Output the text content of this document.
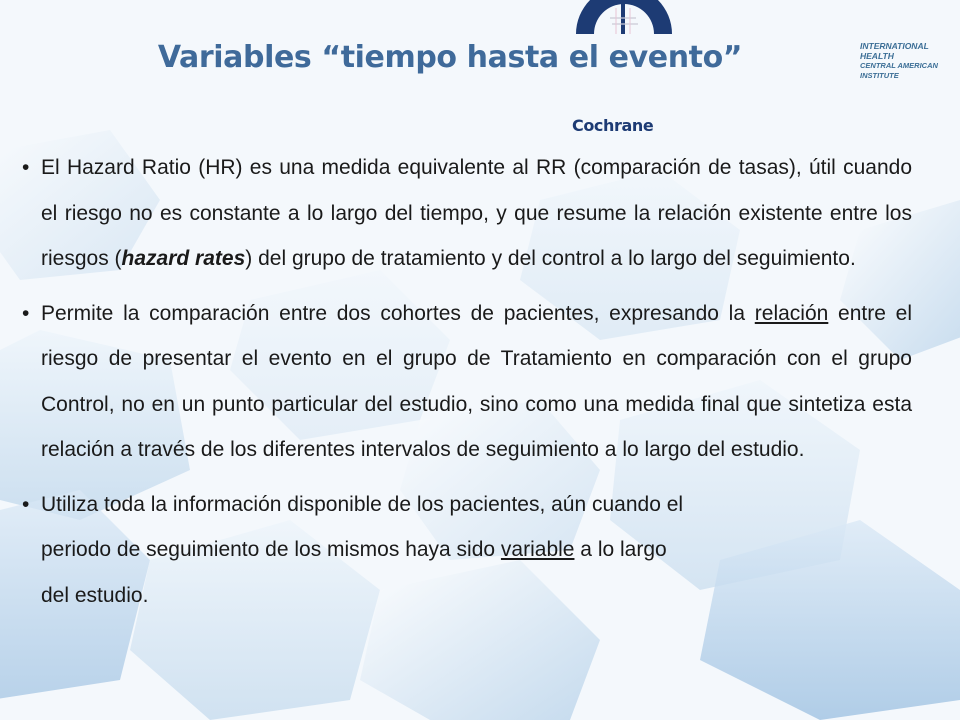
Cochrane
INTERNATIONAL
HEALTH
CENTRAL AMERICAN
INSTITUTE
Variables “tiempo hasta el evento”
• El Hazard Ratio (HR) es una medida equivalente al RR (comparación de tasas), útil cuando el riesgo no es constante a lo largo del tiempo, y que resume la relación existente entre los riesgos (hazard rates) del grupo de tratamiento y del control a lo largo del seguimiento.
• Permite la comparación entre dos cohortes de pacientes, expresando la relación entre el riesgo de presentar el evento en el grupo de Tratamiento en comparación con el grupo Control, no en un punto particular del estudio, sino como una medida final que sintetiza esta relación a través de los diferentes intervalos de seguimiento a lo largo del estudio.
• Utiliza toda la información disponible de los pacientes, aún cuando el
periodo de seguimiento de los mismos haya sido variable a lo largo
del estudio.
